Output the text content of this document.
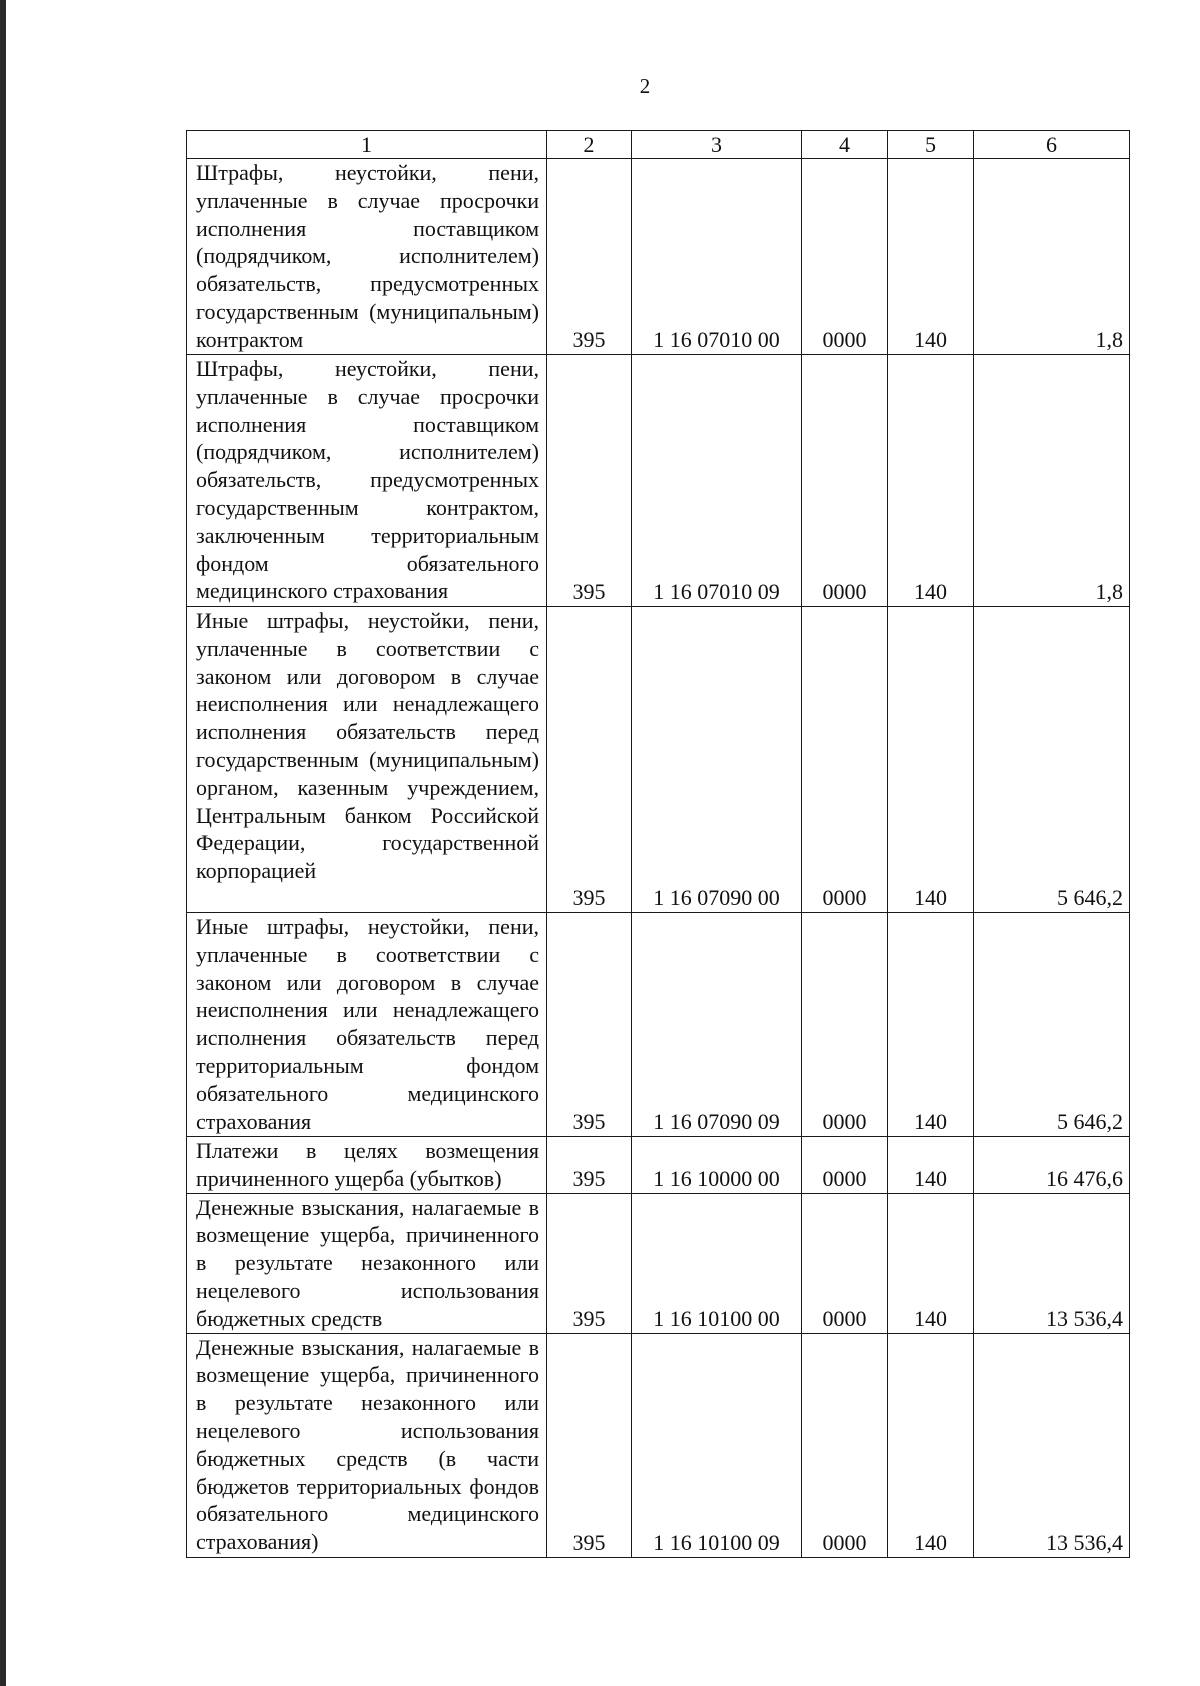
2
1	2	3	4	5	6
Штрафы, неустойки, пени, уплаченные в случае просрочки исполнения поставщиком (подрядчиком, исполнителем) обязательств, предусмотренных государственным (муниципальным) контрактом	395	1 16 07010 00	0000	140	1,8
Штрафы, неустойки, пени, уплаченные в случае просрочки исполнения поставщиком (подрядчиком, исполнителем) обязательств, предусмотренных государственным контрактом, заключенным территориальным фондом обязательного медицинского страхования	395	1 16 07010 09	0000	140	1,8
Иные штрафы, неустойки, пени, уплаченные в соответствии с законом или договором в случае неисполнения или ненадлежащего исполнения обязательств перед государственным (муниципальным) органом, казенным учреждением, Центральным банком Российской Федерации, государственной корпорацией	395	1 16 07090 00	0000	140	5 646,2
Иные штрафы, неустойки, пени, уплаченные в соответствии с законом или договором в случае неисполнения или ненадлежащего исполнения обязательств перед территориальным фондом обязательного медицинского страхования	395	1 16 07090 09	0000	140	5 646,2
Платежи в целях возмещения причиненного ущерба (убытков)	395	1 16 10000 00	0000	140	16 476,6
Денежные взыскания, налагаемые в возмещение ущерба, причиненного в результате незаконного или нецелевого использования бюджетных средств	395	1 16 10100 00	0000	140	13 536,4
Денежные взыскания, налагаемые в возмещение ущерба, причиненного в результате незаконного или нецелевого использования бюджетных средств (в части бюджетов территориальных фондов обязательного медицинского страхования)	395	1 16 10100 09	0000	140	13 536,4
